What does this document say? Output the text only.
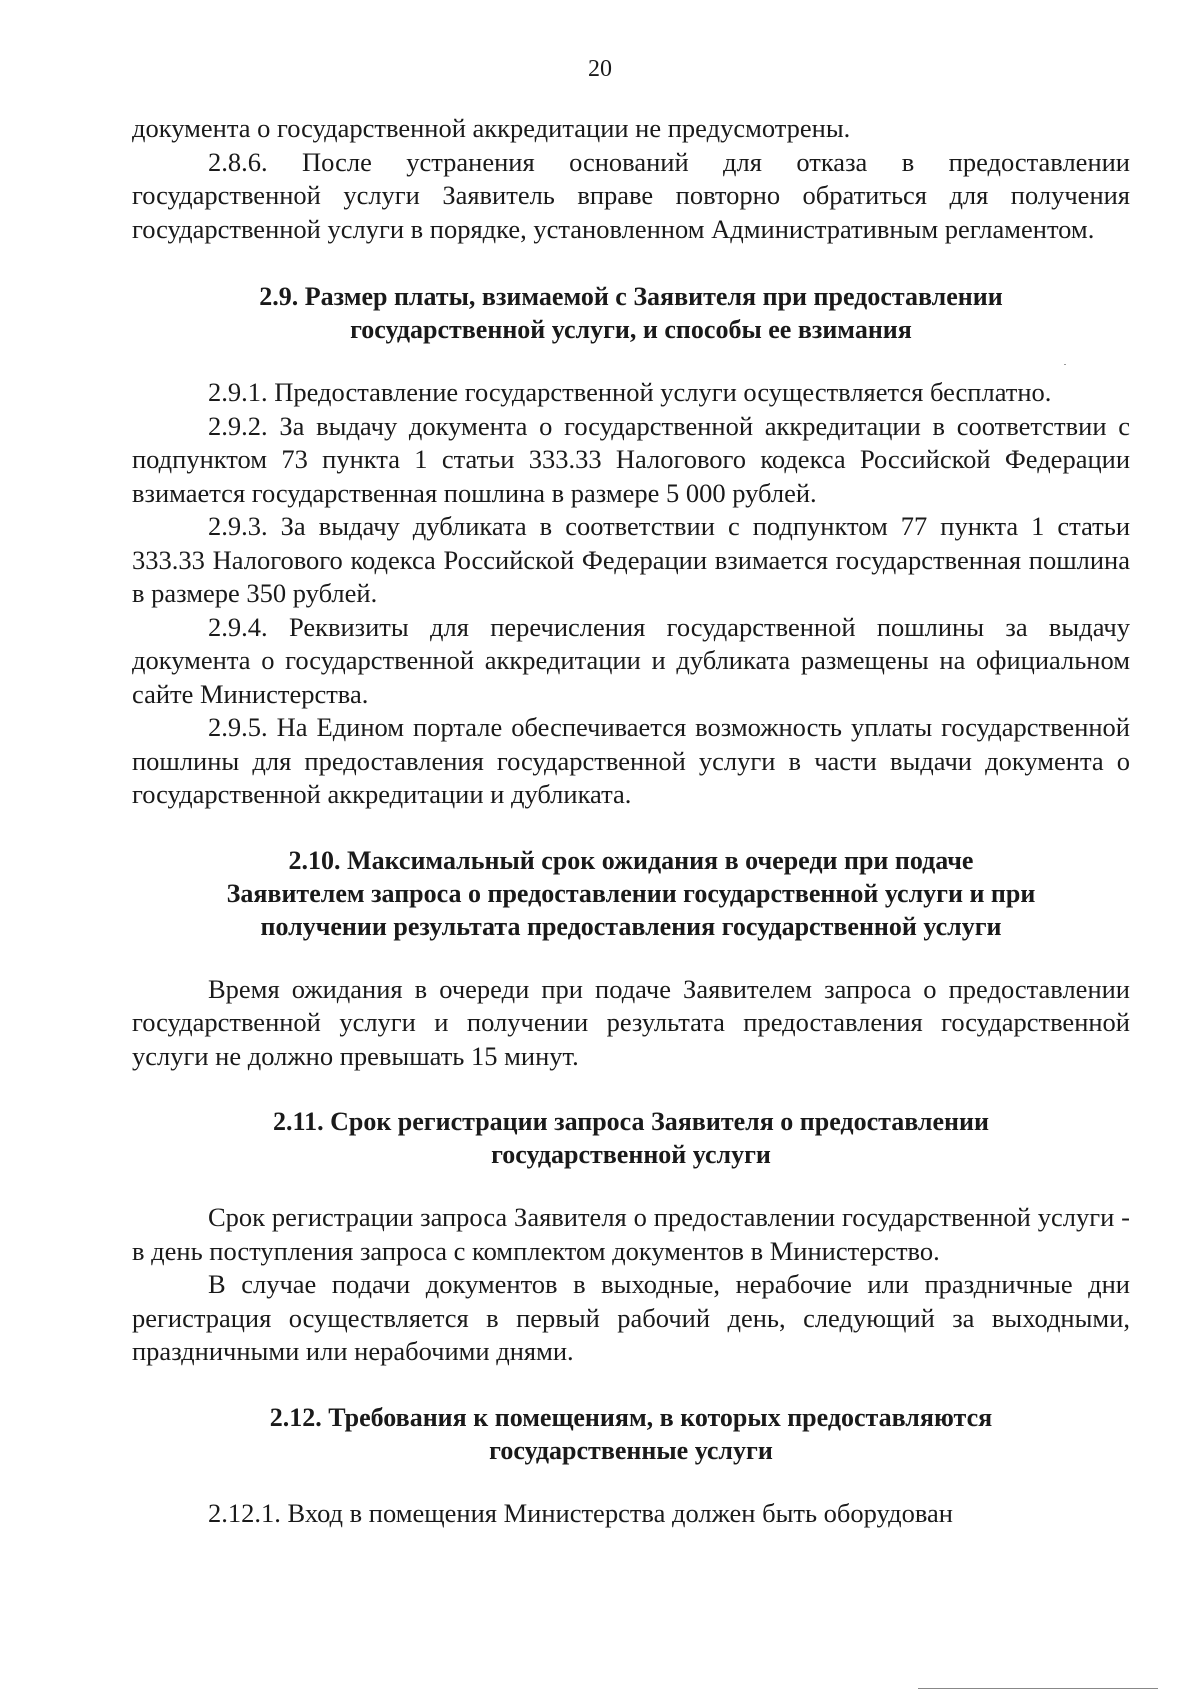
20

документа о государственной аккредитации не предусмотрены.

2.8.6. После устранения оснований для отказа в предоставлении государственной услуги Заявитель вправе повторно обратиться для получения государственной услуги в порядке, установленном Административным регламентом.

2.9. Размер платы, взимаемой с Заявителя при предоставлении
государственной услуги, и способы ее взимания

2.9.1. Предоставление государственной услуги осуществляется бесплатно.

2.9.2. За выдачу документа о государственной аккредитации в соответствии с подпунктом 73 пункта 1 статьи 333.33 Налогового кодекса Российской Федерации взимается государственная пошлина в размере 5 000 рублей.

2.9.3. За выдачу дубликата в соответствии с подпунктом 77 пункта 1 статьи 333.33 Налогового кодекса Российской Федерации взимается государственная пошлина в размере 350 рублей.

2.9.4. Реквизиты для перечисления государственной пошлины за выдачу документа о государственной аккредитации и дубликата размещены на официальном сайте Министерства.

2.9.5. На Едином портале обеспечивается возможность уплаты государственной пошлины для предоставления государственной услуги в части выдачи документа о государственной аккредитации и дубликата.

2.10. Максимальный срок ожидания в очереди при подаче
Заявителем запроса о предоставлении государственной услуги и при
получении результата предоставления государственной услуги

Время ожидания в очереди при подаче Заявителем запроса о предоставлении государственной услуги и получении результата предоставления государственной услуги не должно превышать 15 минут.

2.11. Срок регистрации запроса Заявителя о предоставлении
государственной услуги

Срок регистрации запроса Заявителя о предоставлении государственной услуги - в день поступления запроса с комплектом документов в Министерство.

В случае подачи документов в выходные, нерабочие или праздничные дни регистрация осуществляется в первый рабочий день, следующий за выходными, праздничными или нерабочими днями.

2.12. Требования к помещениям, в которых предоставляются
государственные услуги

2.12.1. Вход в помещения Министерства должен быть оборудован
